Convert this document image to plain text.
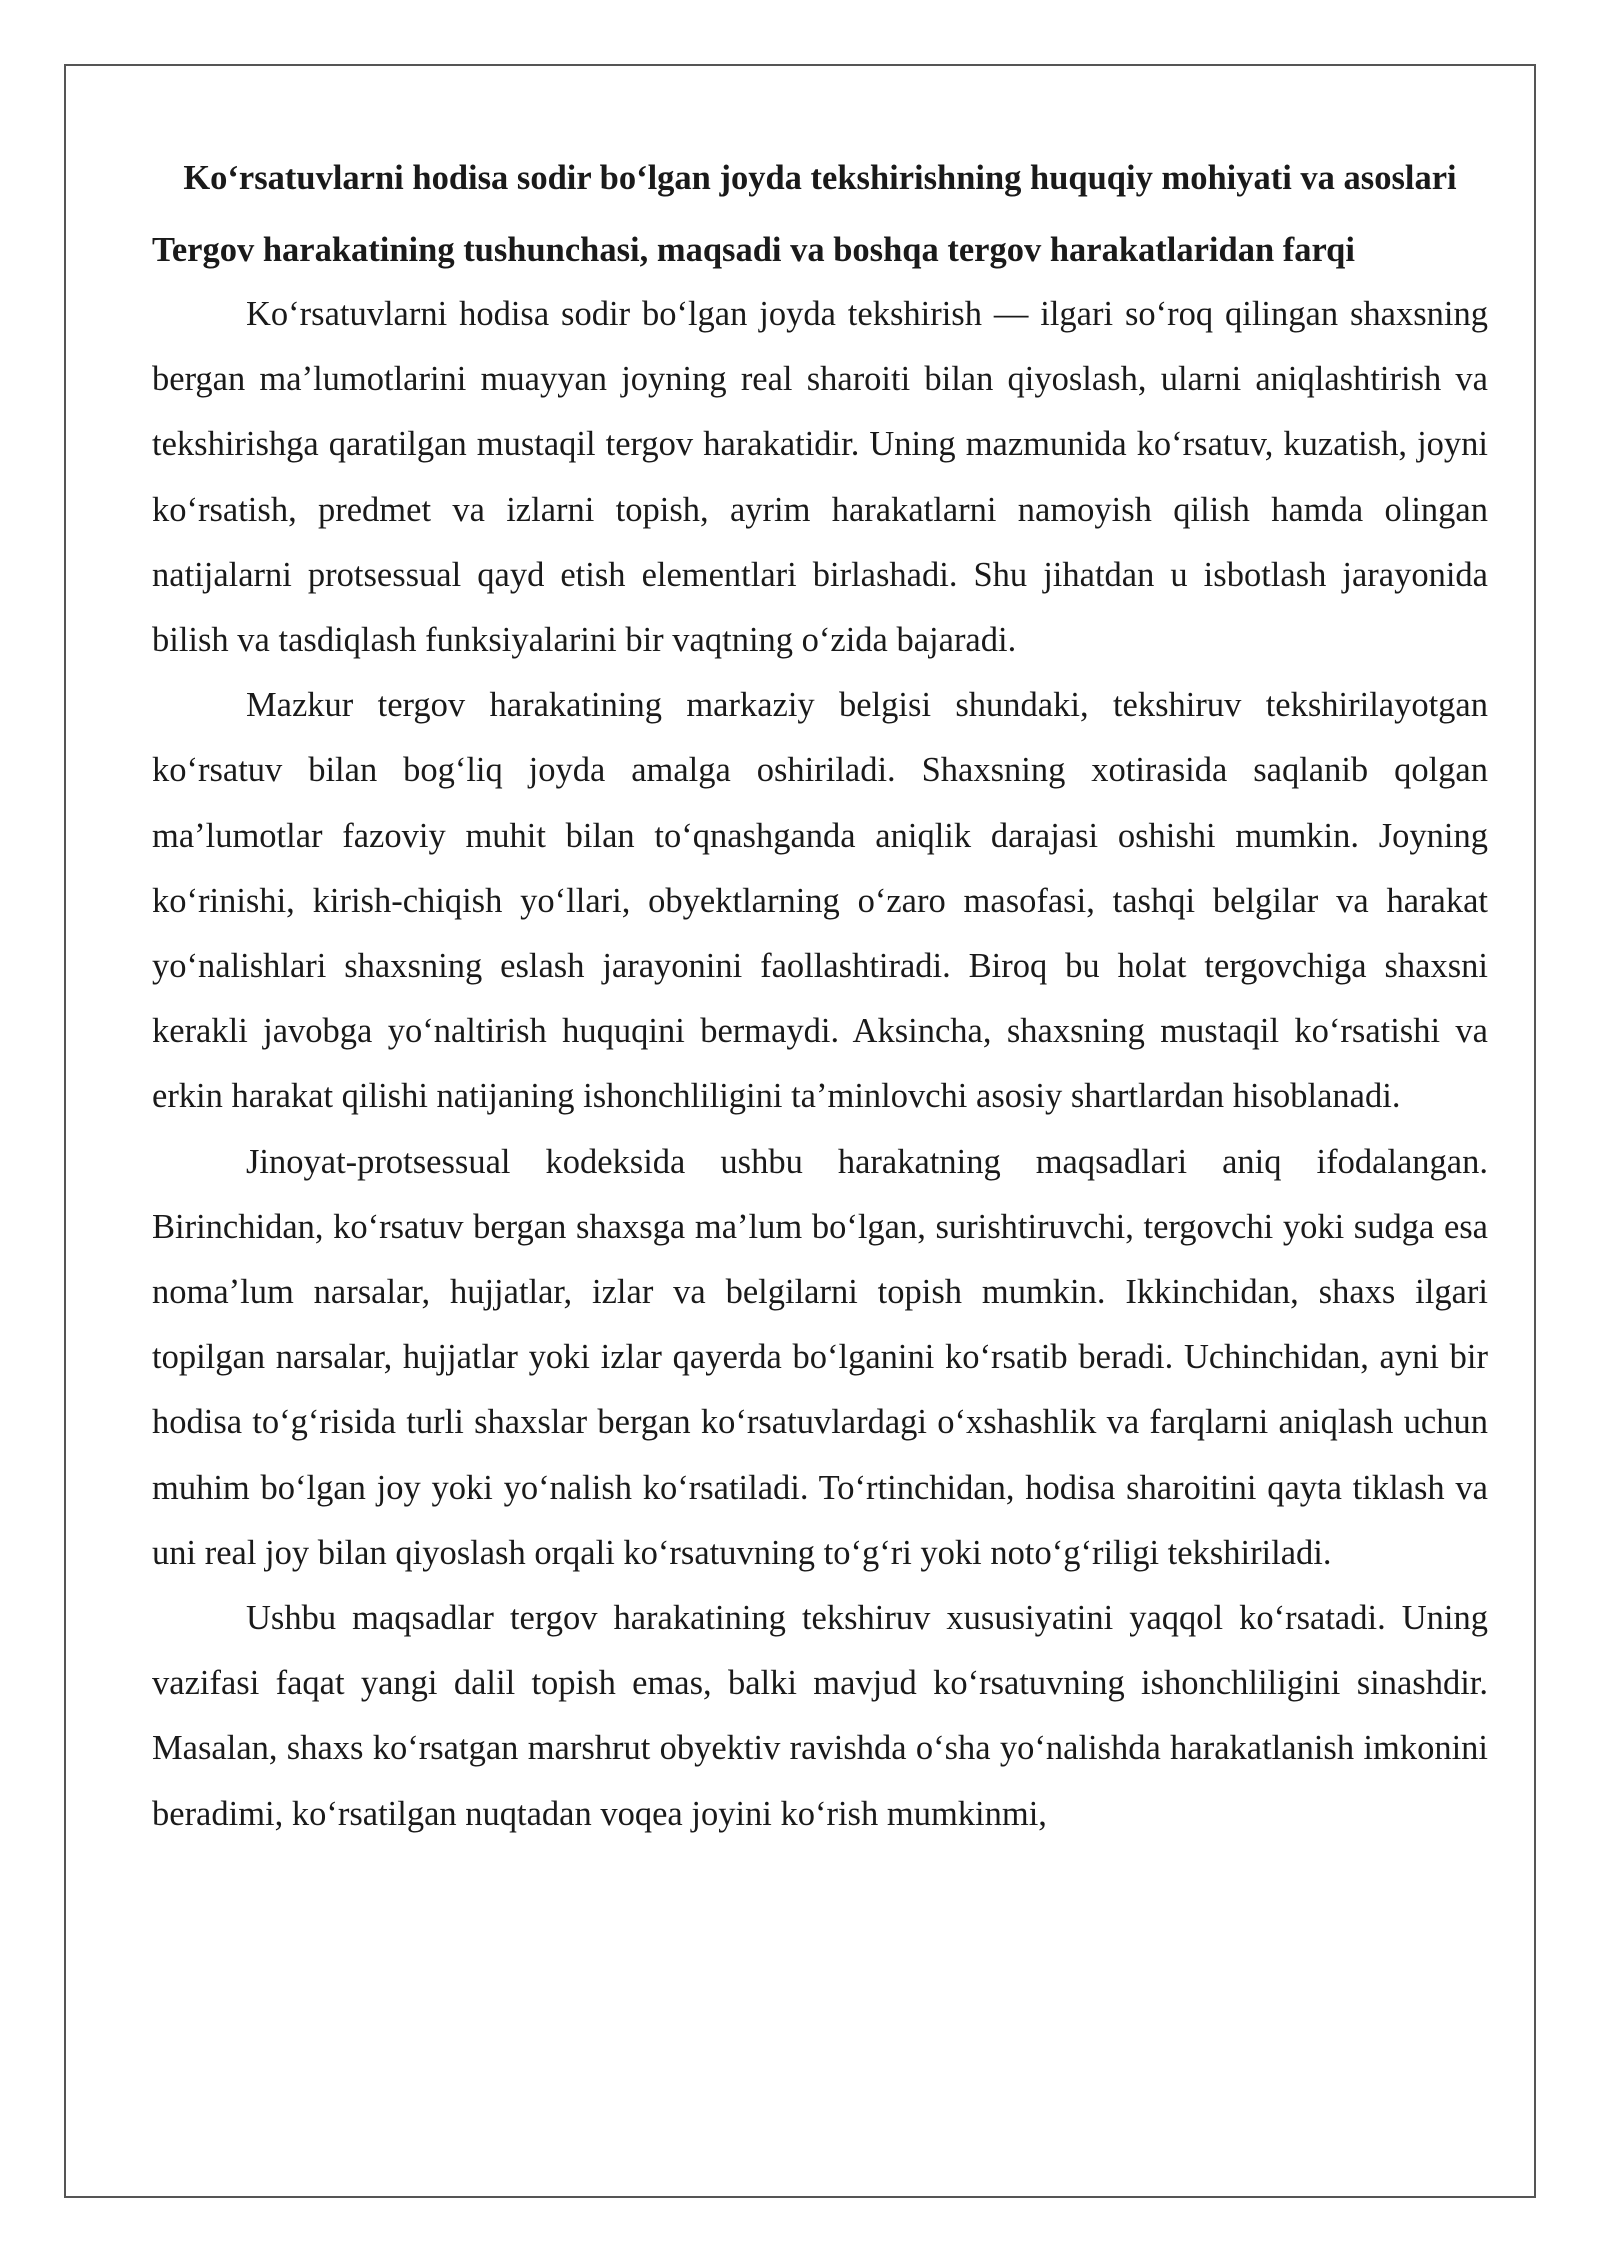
Koʻrsatuvlarni hodisa sodir boʻlgan joyda tekshirishning huquqiy mohiyati va asoslari
Tergov harakatining tushunchasi, maqsadi va boshqa tergov harakatlaridan farqi

Koʻrsatuvlarni hodisa sodir boʻlgan joyda tekshirish — ilgari soʻroq qilingan shaxsning bergan maʼlumotlarini muayyan joyning real sharoiti bilan qiyoslash, ularni aniqlashtirish va tekshirishga qaratilgan mustaqil tergov harakatidir. Uning mazmunida koʻrsatuv, kuzatish, joyni koʻrsatish, predmet va izlarni topish, ayrim harakatlarni namoyish qilish hamda olingan natijalarni protsessual qayd etish elementlari birlashadi. Shu jihatdan u isbotlash jarayonida bilish va tasdiqlash funksiyalarini bir vaqtning oʻzida bajaradi.

Mazkur tergov harakatining markaziy belgisi shundaki, tekshiruv tekshirilayotgan koʻrsatuv bilan bogʻliq joyda amalga oshiriladi. Shaxsning xotirasida saqlanib qolgan maʼlumotlar fazoviy muhit bilan toʻqnashganda aniqlik darajasi oshishi mumkin. Joyning koʻrinishi, kirish-chiqish yoʻllari, obyektlarning oʻzaro masofasi, tashqi belgilar va harakat yoʻnalishlari shaxsning eslash jarayonini faollashtiradi. Biroq bu holat tergovchiga shaxsni kerakli javobga yoʻnaltirish huquqini bermaydi. Aksincha, shaxsning mustaqil koʻrsatishi va erkin harakat qilishi natijaning ishonchliligini taʼminlovchi asosiy shartlardan hisoblanadi.

Jinoyat-protsessual kodeksida ushbu harakatning maqsadlari aniq ifodalangan. Birinchidan, koʻrsatuv bergan shaxsga maʼlum boʻlgan, surishtiruvchi, tergovchi yoki sudga esa nomaʼlum narsalar, hujjatlar, izlar va belgilarni topish mumkin. Ikkinchidan, shaxs ilgari topilgan narsalar, hujjatlar yoki izlar qayerda boʻlganini koʻrsatib beradi. Uchinchidan, ayni bir hodisa toʻgʻrisida turli shaxslar bergan koʻrsatuvlardagi oʻxshashlik va farqlarni aniqlash uchun muhim boʻlgan joy yoki yoʻnalish koʻrsatiladi. Toʻrtinchidan, hodisa sharoitini qayta tiklash va uni real joy bilan qiyoslash orqali koʻrsatuvning toʻgʻri yoki notoʻgʻriligi tekshiriladi.

Ushbu maqsadlar tergov harakatining tekshiruv xususiyatini yaqqol koʻrsatadi. Uning vazifasi faqat yangi dalil topish emas, balki mavjud koʻrsatuvning ishonchliligini sinashdir. Masalan, shaxs koʻrsatgan marshrut obyektiv ravishda oʻsha yoʻnalishda harakatlanish imkonini beradimi, koʻrsatilgan nuqtadan voqea joyini koʻrish mumkinmi,
